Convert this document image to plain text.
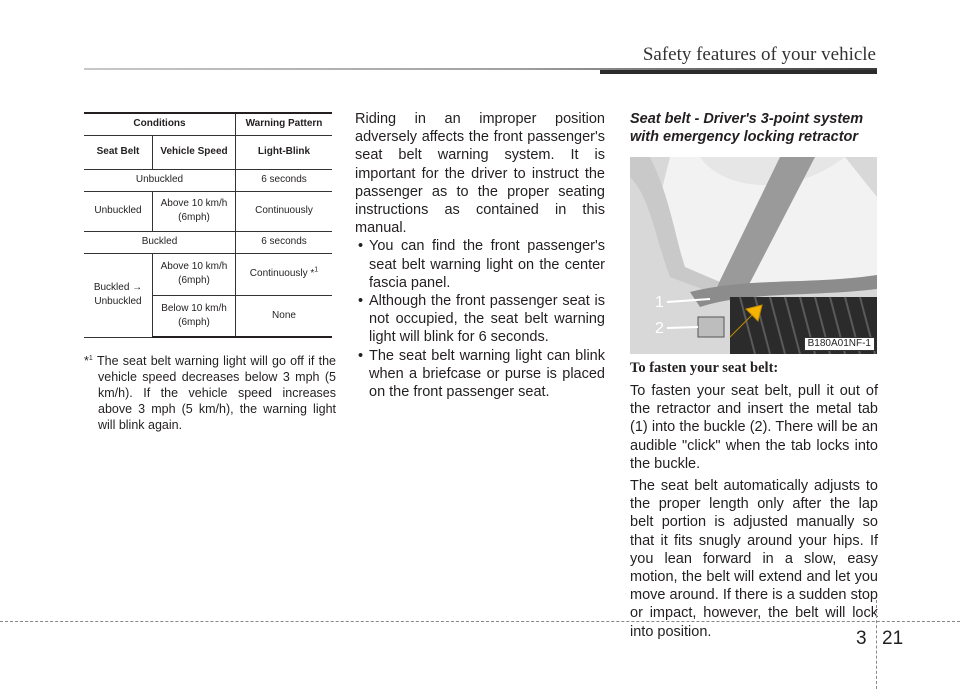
Safety features of your vehicle
Conditions		Warning Pattern
Seat Belt	Vehicle Speed	Light-Blink
Unbuckled		6 seconds
Unbuckled	Above 10 km/h (6mph)	Continuously
Buckled		6 seconds
Buckled → Unbuckled	Above 10 km/h (6mph)	Continuously *$^1$
	Below 10 km/h (6mph)	None
*$^1$ The seat belt warning light will go off if the vehicle speed decreases below 3 mph (5 km/h). If the vehicle speed increases above 3 mph (5 km/h), the warning light will blink again.

Riding in an improper position adversely affects the front passenger's seat belt warning system. It is important for the driver to instruct the passenger as to the proper seating instructions as contained in this manual.

• You can find the front passenger's seat belt warning light on the center fascia panel.
• Although the front passenger seat is not occupied, the seat belt warning light will blink for 6 seconds.
• The seat belt warning light can blink when a briefcase or purse is placed on the front passenger seat.
Seat belt - Driver's 3-point system with emergency locking retractor
1
2
B180A01NF-1
To fasten your seat belt:

To fasten your seat belt, pull it out of the retractor and insert the metal tab (1) into the buckle (2). There will be an audible "click" when the tab locks into the buckle.

The seat belt automatically adjusts to the proper length only after the lap belt portion is adjusted manually so that it fits snugly around your hips. If you lean forward in a slow, easy motion, the belt will extend and let you move around. If there is a sudden stop or impact, however, the belt will lock into position.	3 21
